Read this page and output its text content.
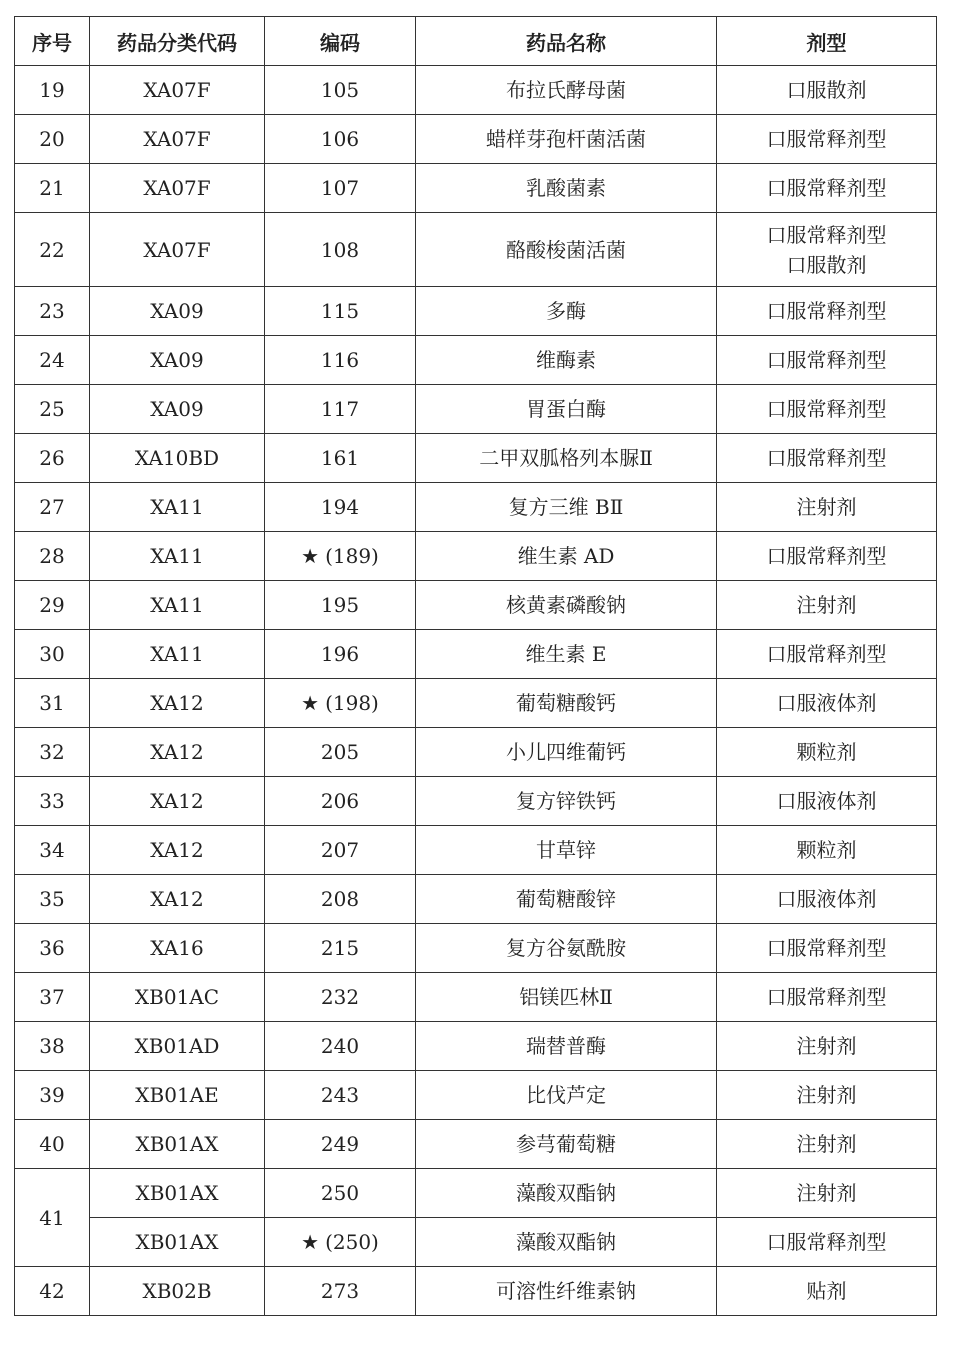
序号	药品分类代码	编码	药品名称	剂型
19	XA07F	105	布拉氏酵母菌	口服散剂

20	XA07F	106	蜡样芽孢杆菌活菌	口服常释剂型

21	XA07F	107	乳酸菌素	口服常释剂型

22	XA07F	108	酪酸梭菌活菌	口服常释剂型
口服散剂

23	XA09	115	多酶	口服常释剂型

24	XA09	116	维酶素	口服常释剂型

25	XA09	117	胃蛋白酶	口服常释剂型

26	XA10BD	161	二甲双胍格列本脲Ⅱ	口服常释剂型

27	XA11	194	复方三维 BⅡ	注射剂

28	XA11	★ (189)	维生素 AD	口服常释剂型

29	XA11	195	核黄素磷酸钠	注射剂

30	XA11	196	维生素 E	口服常释剂型

31	XA12	★ (198)	葡萄糖酸钙	口服液体剂

32	XA12	205	小儿四维葡钙	颗粒剂

33	XA12	206	复方锌铁钙	口服液体剂

34	XA12	207	甘草锌	颗粒剂

35	XA12	208	葡萄糖酸锌	口服液体剂

36	XA16	215	复方谷氨酰胺	口服常释剂型

37	XB01AC	232	铝镁匹林Ⅱ	口服常释剂型

38	XB01AD	240	瑞替普酶	注射剂

39	XB01AE	243	比伐芦定	注射剂

40	XB01AX	249	参芎葡萄糖	注射剂

41	XB01AX	250	藻酸双酯钠	注射剂

	XB01AX	★ (250)	藻酸双酯钠	口服常释剂型

42	XB02B	273	可溶性纤维素钠	贴剂
